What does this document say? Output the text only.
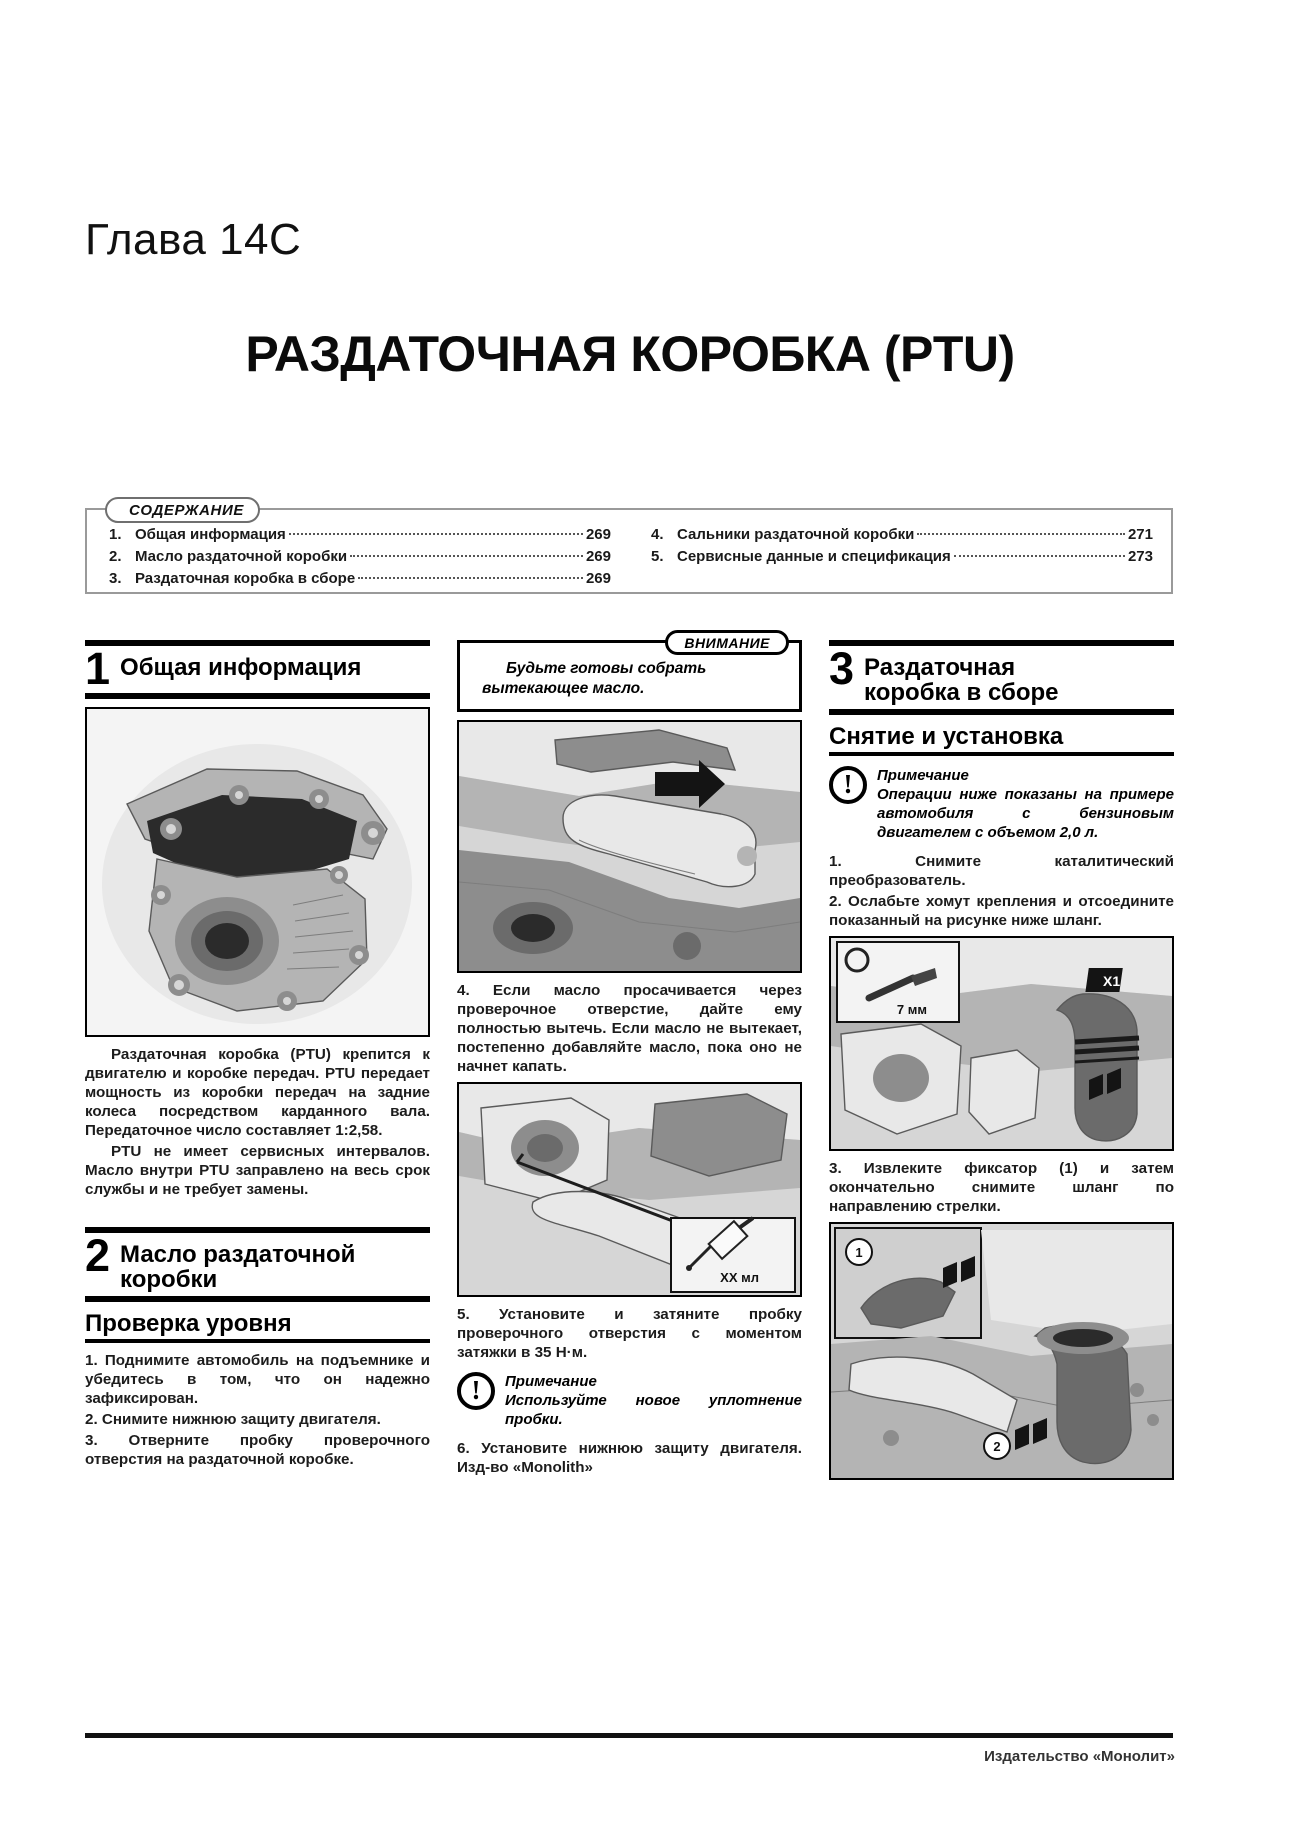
Глава 14C
РАЗДАТОЧНАЯ КОРОБКА (PTU)
СОДЕРЖАНИЕ
1. Общая информация	269
2. Масло раздаточной коробки	269
3. Раздаточная коробка в сборе	269
4. Сальники раздаточной коробки	271
5. Сервисные данные и спецификация	273
1 Общая информация

Раздаточная коробка (PTU) крепится к двигателю и коробке передач. PTU передает мощность из коробки передач на задние колеса посредством карданного вала. Передаточное число составляет 1:2,58.

PTU не имеет сервисных интервалов. Масло внутри PTU заправлено на весь срок службы и не требует замены.

2 Масло раздаточной
коробки
Проверка уровня

1. Поднимите автомобиль на подъемнике и убедитесь в том, что он надежно зафиксирован.

2. Снимите нижнюю защиту двигателя.

3. Отверните пробку проверочного отверстия на раздаточной коробке.

ВНИМАНИЕ
Будьте готовы собрать вытекающее масло.

4. Если масло просачивается через проверочное отверстие, дайте ему полностью вытечь. Если масло не вытекает, постепенно добавляйте масло, пока оно не начнет капать.

XX мл

5. Установите и затяните пробку проверочного отверстия с моментом затяжки в 35 Н·м.

!	Примечание
Используйте новое уплотнение пробки.

6. Установите нижнюю защиту двигателя. Изд-во «Monolith»

3 Раздаточная
коробка в сборе
Снятие и установка
!	Примечание
Операции ниже показаны на примере автомобиля с бензиновым двигателем с объемом 2,0 л.

1.	Снимите каталитический преобразователь.

2. Ослабьте хомут крепления и отсоедините показанный на рисунке ниже шланг.

X1
7 мм

3. Извлеките фиксатор (1) и затем окончательно снимите шланг по направлению стрелки.

1
2
Издательство «Монолит»
